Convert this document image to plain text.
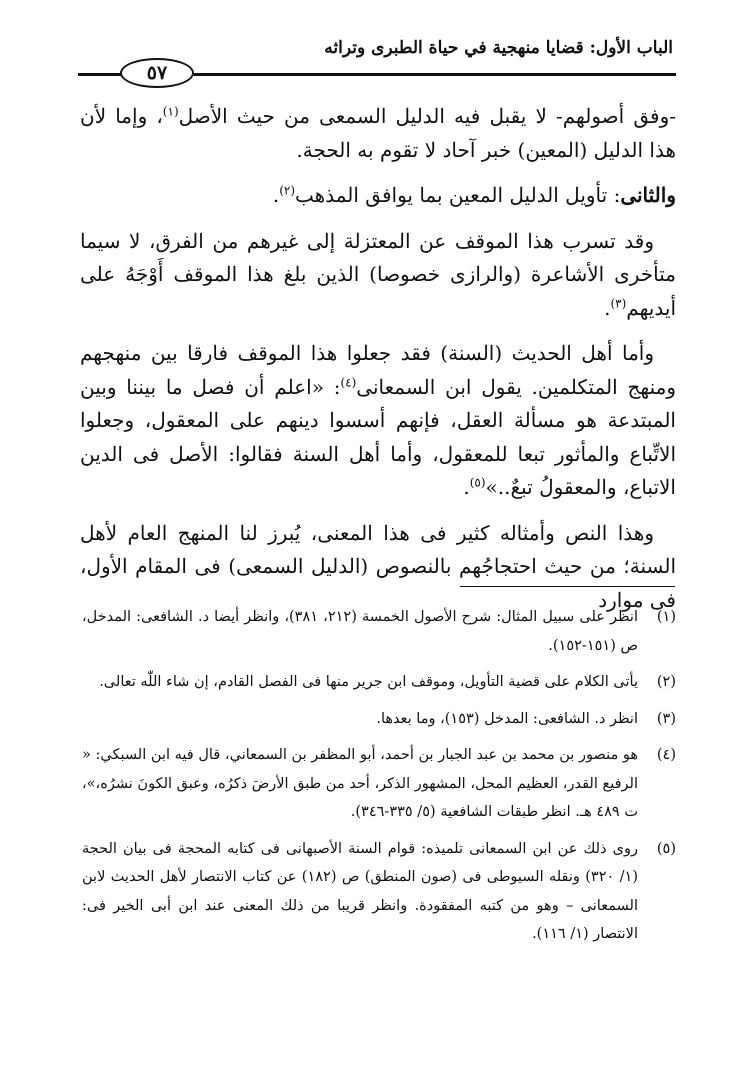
الباب الأول: قضايا منهجية في حياة الطبرى وتراثه
٥٧

-وفق أصولهم- لا يقبل فيه الدليل السمعى من حيث الأصل$^{(١)}$، وإما لأن هذا الدليل (المعين) خبر آحاد لا تقوم به الحجة.

والثانى: تأويل الدليل المعين بما يوافق المذهب$^{(٢)}$.

وقد تسرب هذا الموقف عن المعتزلة إلى غيرهم من الفرق، لا سيما متأخرى الأشاعرة (والرازى خصوصا) الذين بلغ هذا الموقف أَوْجَهُ على أيديهم$^{(٣)}$.

وأما أهل الحديث (السنة) فقد جعلوا هذا الموقف فارقا بين منهجهم ومنهج المتكلمين. يقول ابن السمعانى$^{(٤)}$: «اعلم أن فصل ما بيننا وبين المبتدعة هو مسألة العقل، فإنهم أسسوا دينهم على المعقول، وجعلوا الاتِّباع والمأثور تبعا للمعقول، وأما أهل السنة فقالوا: الأصل فى الدين الاتباع، والمعقولُ تبعٌ..»$^{(٥)}$.

وهذا النص وأمثاله كثير فى هذا المعنى، يُبرز لنا المنهج العام لأهل السنة؛ من حيث احتجاجُهم بالنصوص (الدليل السمعى) فى المقام الأول، فى موارد

(١)
انظر على سبيل المثال: شرح الأصول الخمسة (٢١٢، ٣٨١)، وانظر أيضا د. الشافعى: المدخل، ص (١٥١-١٥٢).
(٢)
يأتى الكلام على قضية التأويل، وموقف ابن جرير منها فى الفصل القادم، إن شاء اللّٰه تعالى.
(٣)
انظر د. الشافعى: المدخل (١٥٣)، وما بعدها.
(٤)
هو منصور بن محمد بن عبد الجبار بن أحمد، أبو المظفر بن السمعاني، قال فيه ابن السبكي: « الرفيع القدر، العظيم المحل، المشهور الذكر، أحد من طبق الأرضَ ذكرُه، وعبق الكونَ نشرُه،»، ت ٤٨٩ هـ. انظر طبقات الشافعية (٥/ ٣٣٥-٣٤٦).
(٥)
روى ذلك عن ابن السمعانى تلميذه: قوام السنة الأصبهانى فى كتابه المحجة فى بيان الحجة (١/ ٣٢٠) ونقله السيوطى فى (صون المنطق) ص (١٨٢) عن كتاب الانتصار لأهل الحديث لابن السمعانى – وهو من كتبه المفقودة. وانظر قريبا من ذلك المعنى عند ابن أبى الخير فى: الانتصار (١/ ١١٦).
